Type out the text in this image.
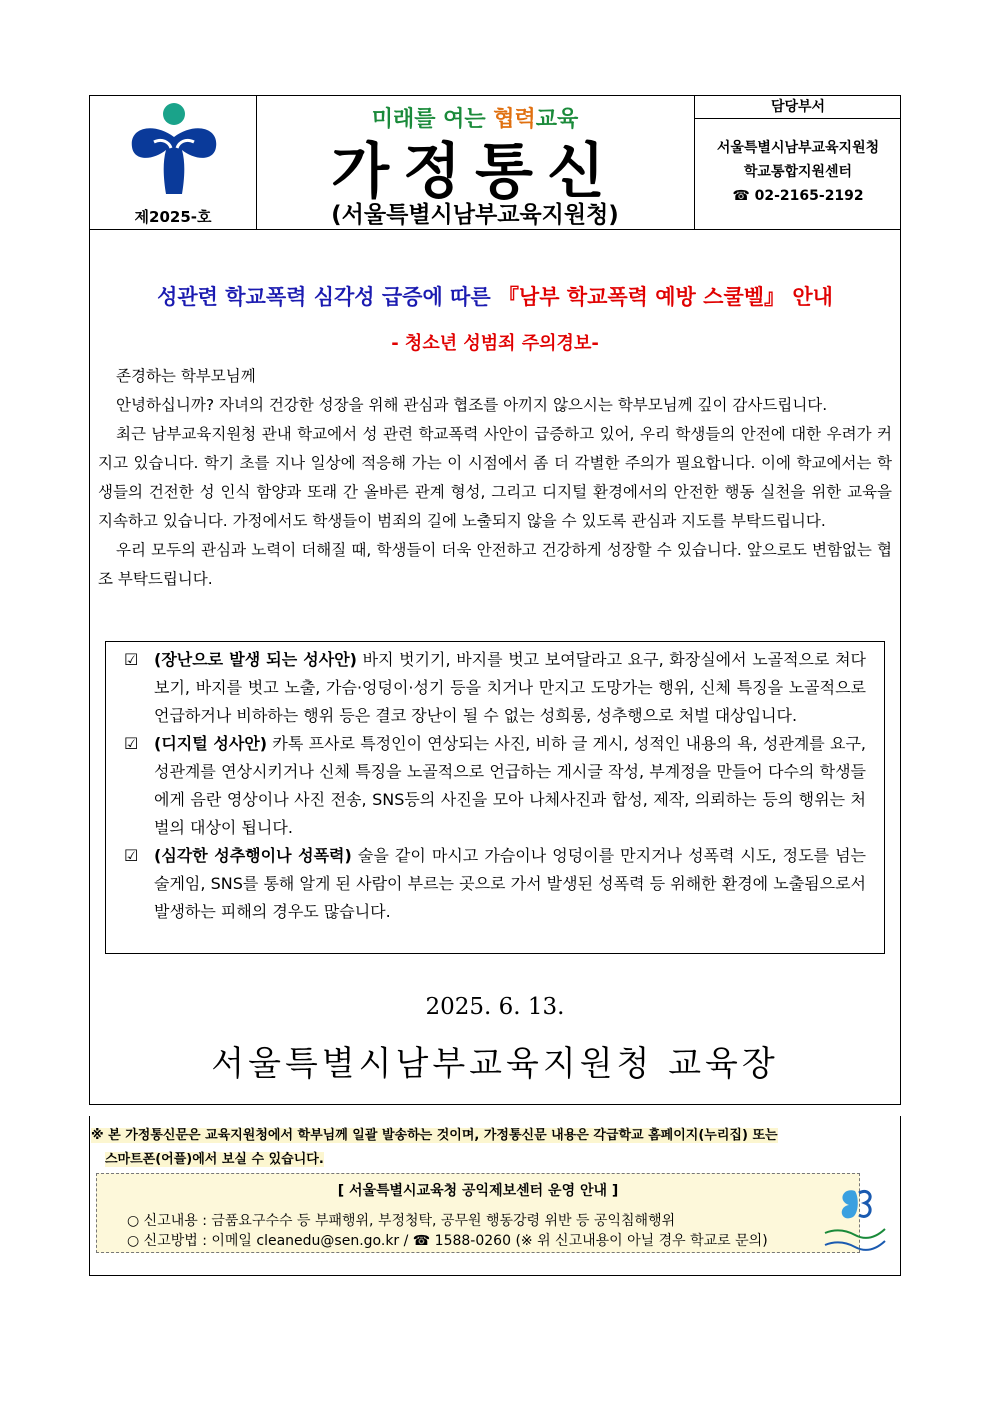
제2025-호
미래를 여는 협력교육
가정통신
(서울특별시남부교육지원청)
담당부서
서울특별시남부교육지원청
학교통합지원센터
☎ 02-2165-2192
성관련 학교폭력 심각성 급증에 따른 『남부 학교폭력 예방 스쿨벨』 안내
- 청소년 성범죄 주의경보-

존경하는 학부모님께

안녕하십니까? 자녀의 건강한 성장을 위해 관심과 협조를 아끼지 않으시는 학부모님께 깊이 감사드립니다.

최근 남부교육지원청 관내 학교에서 성 관련 학교폭력 사안이 급증하고 있어, 우리 학생들의 안전에 대한 우려가 커지고 있습니다. 학기 초를 지나 일상에 적응해 가는 이 시점에서 좀 더 각별한 주의가 필요합니다. 이에 학교에서는 학생들의 건전한 성 인식 함양과 또래 간 올바른 관계 형성, 그리고 디지털 환경에서의 안전한 행동 실천을 위한 교육을 지속하고 있습니다. 가정에서도 학생들이 범죄의 길에 노출되지 않을 수 있도록 관심과 지도를 부탁드립니다.

우리 모두의 관심과 노력이 더해질 때, 학생들이 더욱 안전하고 건강하게 성장할 수 있습니다. 앞으로도 변함없는 협조 부탁드립니다.

☑ (장난으로 발생 되는 성사안) 바지 벗기기, 바지를 벗고 보여달라고 요구, 화장실에서 노골적으로 쳐다보기, 바지를 벗고 노출, 가슴·엉덩이·성기 등을 치거나 만지고 도망가는 행위, 신체 특징을 노골적으로 언급하거나 비하하는 행위 등은 결코 장난이 될 수 없는 성희롱, 성추행으로 처벌 대상입니다.
☑ (디지털 성사안) 카톡 프사로 특정인이 연상되는 사진, 비하 글 게시, 성적인 내용의 욕, 성관계를 요구, 성관계를 연상시키거나 신체 특징을 노골적으로 언급하는 게시글 작성, 부계정을 만들어 다수의 학생들에게 음란 영상이나 사진 전송, SNS등의 사진을 모아 나체사진과 합성, 제작, 의뢰하는 등의 행위는 처벌의 대상이 됩니다.
☑ (심각한 성추행이나 성폭력) 술을 같이 마시고 가슴이나 엉덩이를 만지거나 성폭력 시도, 정도를 넘는 술게임, SNS를 통해 알게 된 사람이 부르는 곳으로 가서 발생된 성폭력 등 위해한 환경에 노출됨으로서 발생하는 피해의 경우도 많습니다.
2025. 6. 13.
서울특별시남부교육지원청 교육장
※ 본 가정통신문은 교육지원청에서 학부님께 일괄 발송하는 것이며, 가정통신문 내용은 각급학교 홈페이지(누리집) 또는
스마트폰(어플)에서 보실 수 있습니다.
[ 서울특별시교육청 공익제보센터 운영 안내 ]
○ 신고내용 : 금품요구수수 등 부패행위, 부정청탁, 공무원 행동강령 위반 등 공익침해행위
○ 신고방법 : 이메일 cleanedu@sen.go.kr / ☎ 1588-0260 (※ 위 신고내용이 아닐 경우 학교로 문의)
